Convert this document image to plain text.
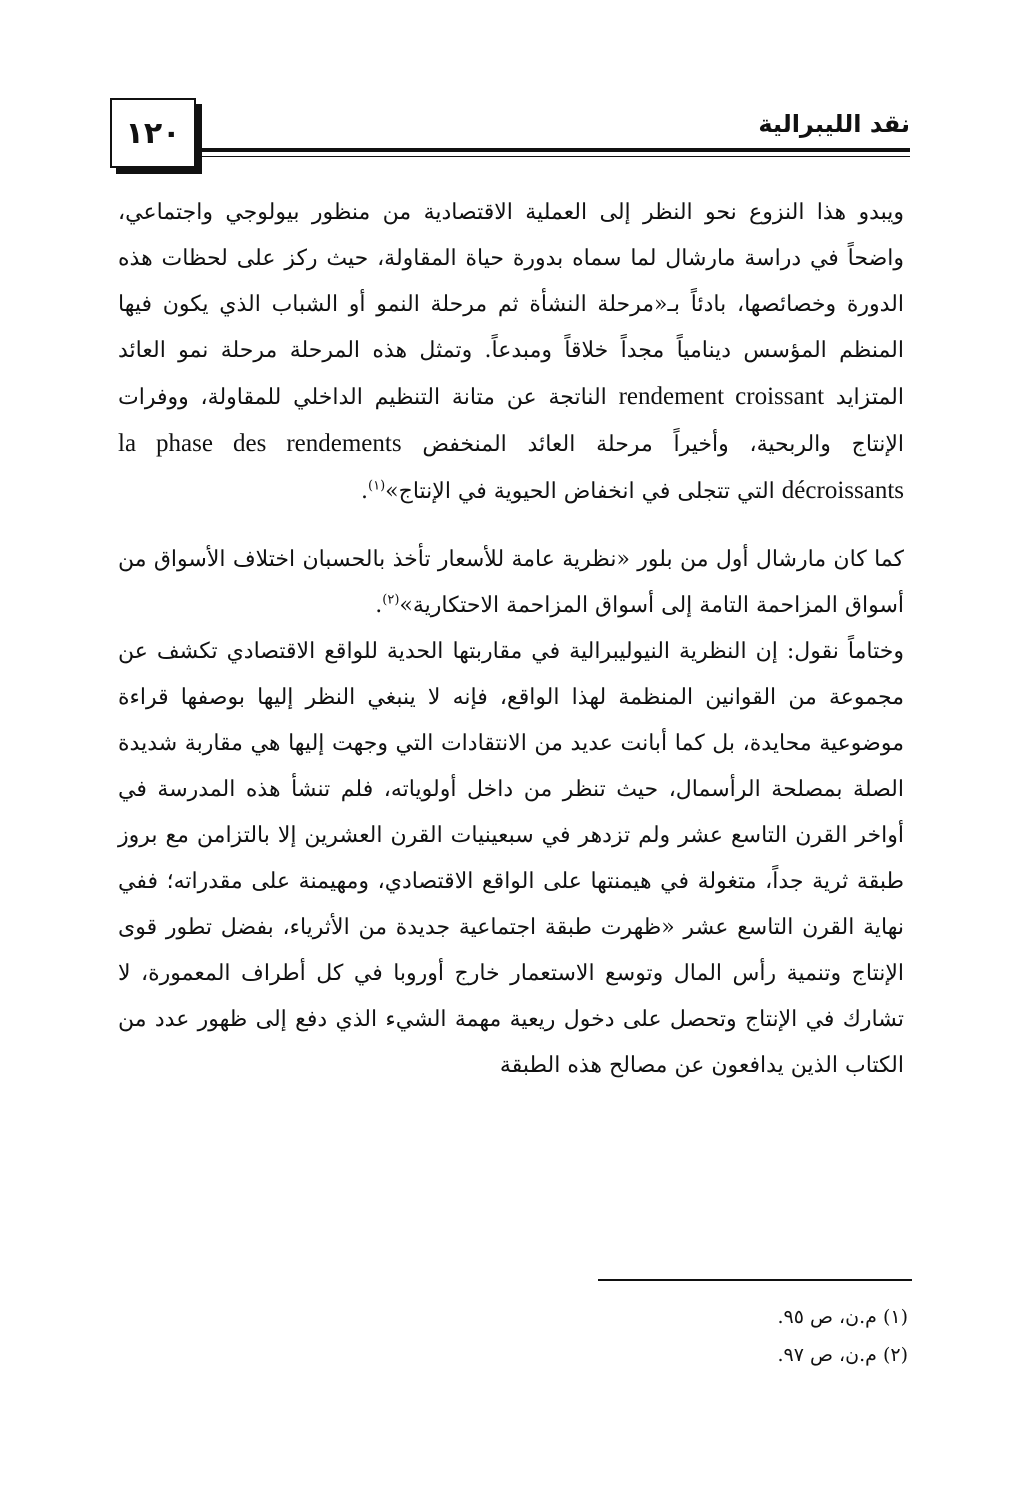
نقد الليبرالية
١٢٠

ويبدو هذا النزوع نحو النظر إلى العملية الاقتصادية من منظور بيولوجي واجتماعي، واضحاً في دراسة مارشال لما سماه بدورة حياة المقاولة، حيث ركز على لحظات هذه الدورة وخصائصها، بادئاً بـ«مرحلة النشأة ثم مرحلة النمو أو الشباب الذي يكون فيها المنظم المؤسس دينامياً مجداً خلاقاً ومبدعاً. وتمثل هذه المرحلة مرحلة نمو العائد المتزايد rendement croissant الناتجة عن متانة التنظيم الداخلي للمقاولة، ووفرات الإنتاج والربحية، وأخيراً مرحلة العائد المنخفض la phase des rendements décroissants التي تتجلى في انخفاض الحيوية في الإنتاج»$^{(١)}$.

كما كان مارشال أول من بلور «نظرية عامة للأسعار تأخذ بالحسبان اختلاف الأسواق من أسواق المزاحمة التامة إلى أسواق المزاحمة الاحتكارية»$^{(٢)}$.

وختاماً نقول: إن النظرية النيوليبرالية في مقاربتها الحدية للواقع الاقتصادي تكشف عن مجموعة من القوانين المنظمة لهذا الواقع، فإنه لا ينبغي النظر إليها بوصفها قراءة موضوعية محايدة، بل كما أبانت عديد من الانتقادات التي وجهت إليها هي مقاربة شديدة الصلة بمصلحة الرأسمال، حيث تنظر من داخل أولوياته، فلم تنشأ هذه المدرسة في أواخر القرن التاسع عشر ولم تزدهر في سبعينيات القرن العشرين إلا بالتزامن مع بروز طبقة ثرية جداً، متغولة في هيمنتها على الواقع الاقتصادي، ومهيمنة على مقدراته؛ ففي نهاية القرن التاسع عشر «ظهرت طبقة اجتماعية جديدة من الأثرياء، بفضل تطور قوى الإنتاج وتنمية رأس المال وتوسع الاستعمار خارج أوروبا في كل أطراف المعمورة، لا تشارك في الإنتاج وتحصل على دخول ريعية مهمة الشيء الذي دفع إلى ظهور عدد من الكتاب الذين يدافعون عن مصالح هذه الطبقة

(١) م.ن، ص ٩٥.
(٢) م.ن، ص ٩٧.
